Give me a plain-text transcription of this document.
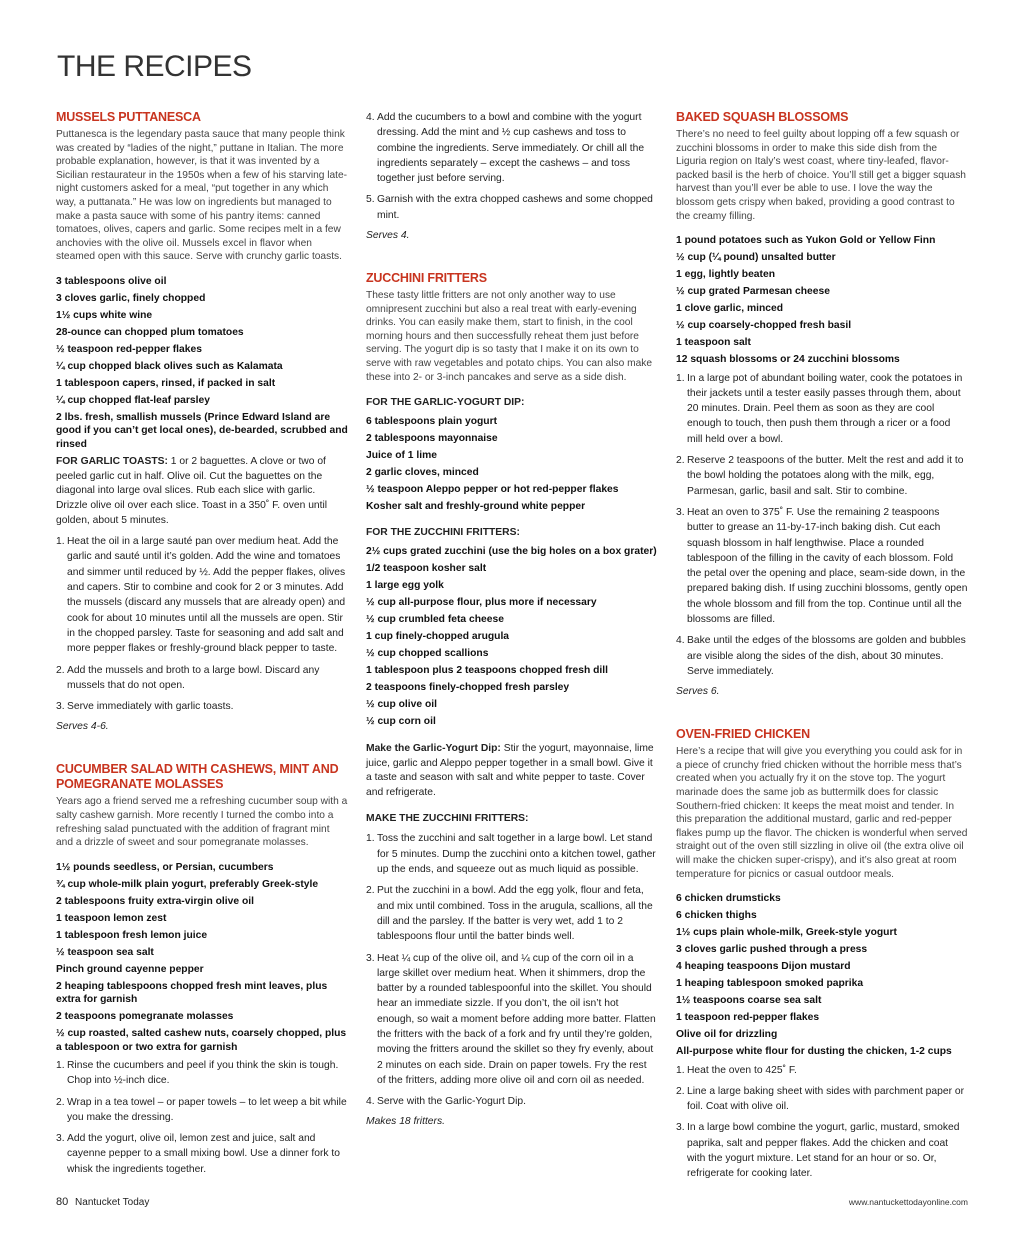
THE RECIPES
MUSSELS PUTTANESCA

Puttanesca is the legendary pasta sauce that many people think was created by “ladies of the night,” puttane in Italian. The more probable explanation, however, is that it was invented by a Sicilian restaurateur in the 1950s when a few of his starving late-night customers asked for a meal, “put together in any which way, a puttanata.” He was low on ingredients but managed to make a pasta sauce with some of his pantry items: canned tomatoes, olives, capers and garlic. Some recipes melt in a few anchovies with the olive oil. Mussels excel in flavor when steamed open with this sauce. Serve with crunchy garlic toasts.

3 tablespoons olive oil
3 cloves garlic, finely chopped
1½ cups white wine
28-ounce can chopped plum tomatoes
½ teaspoon red-pepper flakes
¼ cup chopped black olives such as Kalamata
1 tablespoon capers, rinsed, if packed in salt
¼ cup chopped flat-leaf parsley
2 lbs. fresh, smallish mussels (Prince Edward Island are good if you can’t get local ones), de-bearded, scrubbed and rinsed

FOR GARLIC TOASTS: 1 or 2 baguettes. A clove or two of peeled garlic cut in half. Olive oil. Cut the baguettes on the diagonal into large oval slices. Rub each slice with garlic. Drizzle olive oil over each slice. Toast in a 350˚ F. oven until golden, about 5 minutes.

1. Heat the oil in a large sauté pan over medium heat. Add the garlic and sauté until it’s golden. Add the wine and tomatoes and simmer until reduced by ½. Add the pepper flakes, olives and capers. Stir to combine and cook for 2 or 3 minutes. Add the mussels (discard any mussels that are already open) and cook for about 10 minutes until all the mussels are open. Stir in the chopped parsley. Taste for seasoning and add salt and more pepper flakes or freshly-ground black pepper to taste.
2. Add the mussels and broth to a large bowl. Discard any mussels that do not open.
3. Serve immediately with garlic toasts.

Serves 4-6.

CUCUMBER SALAD WITH CASHEWS, MINT AND POMEGRANATE MOLASSES

Years ago a friend served me a refreshing cucumber soup with a salty cashew garnish. More recently I turned the combo into a refreshing salad punctuated with the addition of fragrant mint and a drizzle of sweet and sour pomegranate molasses.

1½ pounds seedless, or Persian, cucumbers
¾ cup whole-milk plain yogurt, preferably Greek-style
2 tablespoons fruity extra-virgin olive oil
1 teaspoon lemon zest
1 tablespoon fresh lemon juice
½ teaspoon sea salt
Pinch ground cayenne pepper
2 heaping tablespoons chopped fresh mint leaves, plus extra for garnish
2 teaspoons pomegranate molasses
½ cup roasted, salted cashew nuts, coarsely chopped, plus a tablespoon or two extra for garnish
1. Rinse the cucumbers and peel if you think the skin is tough. Chop into ½-inch dice.
2. Wrap in a tea towel – or paper towels – to let weep a bit while you make the dressing.
3. Add the yogurt, olive oil, lemon zest and juice, salt and cayenne pepper to a small mixing bowl. Use a dinner fork to whisk the ingredients together.
4. Add the cucumbers to a bowl and combine with the yogurt dressing. Add the mint and ½ cup cashews and toss to combine the ingredients. Serve immediately. Or chill all the ingredients separately – except the cashews – and toss together just before serving.
5. Garnish with the extra chopped cashews and some chopped mint.

Serves 4.

ZUCCHINI FRITTERS

These tasty little fritters are not only another way to use omnipresent zucchini but also a real treat with early-evening drinks. You can easily make them, start to finish, in the cool morning hours and then successfully reheat them just before serving. The yogurt dip is so tasty that I make it on its own to serve with raw vegetables and potato chips. You can also make these into 2- or 3-inch pancakes and serve as a side dish.

FOR THE GARLIC-YOGURT DIP:
6 tablespoons plain yogurt
2 tablespoons mayonnaise
Juice of 1 lime
2 garlic cloves, minced
½ teaspoon Aleppo pepper or hot red-pepper flakes
Kosher salt and freshly-ground white pepper
FOR THE ZUCCHINI FRITTERS:
2½ cups grated zucchini (use the big holes on a box grater)
1/2 teaspoon kosher salt
1 large egg yolk
½ cup all-purpose flour, plus more if necessary
½ cup crumbled feta cheese
1 cup finely-chopped arugula
½ cup chopped scallions
1 tablespoon plus 2 teaspoons chopped fresh dill
2 teaspoons finely-chopped fresh parsley
½ cup olive oil
½ cup corn oil

Make the Garlic-Yogurt Dip: Stir the yogurt, mayonnaise, lime juice, garlic and Aleppo pepper together in a small bowl. Give it a taste and season with salt and white pepper to taste. Cover and refrigerate.

MAKE THE ZUCCHINI FRITTERS:
1. Toss the zucchini and salt together in a large bowl. Let stand for 5 minutes. Dump the zucchini onto a kitchen towel, gather up the ends, and squeeze out as much liquid as possible.
2. Put the zucchini in a bowl. Add the egg yolk, flour and feta, and mix until combined. Toss in the arugula, scallions, all the dill and the parsley. If the batter is very wet, add 1 to 2 tablespoons flour until the batter binds well.
3. Heat ¼ cup of the olive oil, and ¼ cup of the corn oil in a large skillet over medium heat. When it shimmers, drop the batter by a rounded tablespoonful into the skillet. You should hear an immediate sizzle. If you don’t, the oil isn’t hot enough, so wait a moment before adding more batter. Flatten the fritters with the back of a fork and fry until they’re golden, moving the fritters around the skillet so they fry evenly, about 2 minutes on each side. Drain on paper towels. Fry the rest of the fritters, adding more olive oil and corn oil as needed.
4. Serve with the Garlic-Yogurt Dip.

Makes 18 fritters.

BAKED SQUASH BLOSSOMS

There’s no need to feel guilty about lopping off a few squash or zucchini blossoms in order to make this side dish from the Liguria region on Italy’s west coast, where tiny-leafed, flavor-packed basil is the herb of choice. You’ll still get a bigger squash harvest than you’ll ever be able to use. I love the way the blossom gets crispy when baked, providing a good contrast to the creamy filling.

1 pound potatoes such as Yukon Gold or Yellow Finn
½ cup (¼ pound) unsalted butter
1 egg, lightly beaten
½ cup grated Parmesan cheese
1 clove garlic, minced
½ cup coarsely-chopped fresh basil
1 teaspoon salt
12 squash blossoms or 24 zucchini blossoms
1. In a large pot of abundant boiling water, cook the potatoes in their jackets until a tester easily passes through them, about 20 minutes. Drain. Peel them as soon as they are cool enough to touch, then push them through a ricer or a food mill held over a bowl.
2. Reserve 2 teaspoons of the butter. Melt the rest and add it to the bowl holding the potatoes along with the milk, egg, Parmesan, garlic, basil and salt. Stir to combine.
3. Heat an oven to 375˚ F. Use the remaining 2 teaspoons butter to grease an 11-by-17-inch baking dish. Cut each squash blossom in half lengthwise. Place a rounded tablespoon of the filling in the cavity of each blossom. Fold the petal over the opening and place, seam-side down, in the prepared baking dish. If using zucchini blossoms, gently open the whole blossom and fill from the top. Continue until all the blossoms are filled.
4. Bake until the edges of the blossoms are golden and bubbles are visible along the sides of the dish, about 30 minutes. Serve immediately.

Serves 6.

OVEN-FRIED CHICKEN

Here’s a recipe that will give you everything you could ask for in a piece of crunchy fried chicken without the horrible mess that’s created when you actually fry it on the stove top. The yogurt marinade does the same job as buttermilk does for classic Southern-fried chicken: It keeps the meat moist and tender. In this preparation the additional mustard, garlic and red-pepper flakes pump up the flavor. The chicken is wonderful when served straight out of the oven still sizzling in olive oil (the extra olive oil will make the chicken super-crispy), and it’s also great at room temperature for picnics or casual outdoor meals.

6 chicken drumsticks
6 chicken thighs
1½ cups plain whole-milk, Greek-style yogurt
3 cloves garlic pushed through a press
4 heaping teaspoons Dijon mustard
1 heaping tablespoon smoked paprika
1½ teaspoons coarse sea salt
1 teaspoon red-pepper flakes
Olive oil for drizzling
All-purpose white flour for dusting the chicken, 1-2 cups
1. Heat the oven to 425˚ F.
2. Line a large baking sheet with sides with parchment paper or foil. Coat with olive oil.
3. In a large bowl combine the yogurt, garlic, mustard, smoked paprika, salt and pepper flakes. Add the chicken and coat with the yogurt mixture. Let stand for an hour or so. Or, refrigerate for cooking later.
80 Nantucket Today	www.nantuckettodayonline.com
